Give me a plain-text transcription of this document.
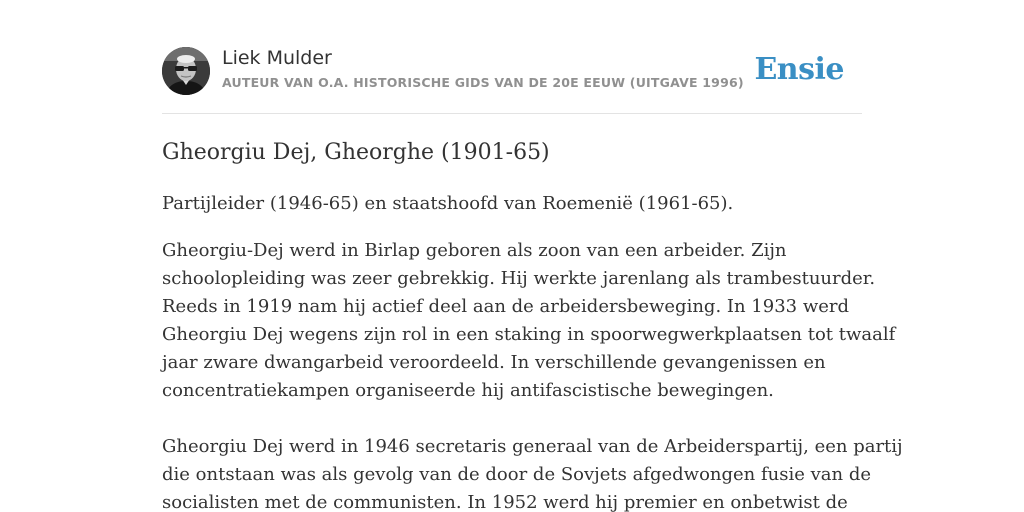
Liek Mulder
AUTEUR VAN O.A. HISTORISCHE GIDS VAN DE 20E EEUW (UITGAVE 1996) Ensie
Gheorgiu Dej, Gheorghe (1901-65)

Partijleider (1946-65) en staatshoofd van Roemenië (1961-65).

Gheorgiu-Dej werd in Birlap geboren als zoon van een arbeider. Zijn
schoolopleiding was zeer gebrekkig. Hij werkte jarenlang als trambestuurder.
Reeds in 1919 nam hij actief deel aan de arbeidersbeweging. In 1933 werd
Gheorgiu Dej wegens zijn rol in een staking in spoorwegwerkplaatsen tot twaalf
jaar zware dwangarbeid veroordeeld. In verschillende gevangenissen en
concentratiekampen organiseerde hij antifascistische bewegingen.
Gheorgiu Dej werd in 1946 secretaris generaal van de Arbeiderspartij, een partij
die ontstaan was als gevolg van de door de Sovjets afgedwongen fusie van de
socialisten met de communisten. In 1952 werd hij premier en onbetwist de
